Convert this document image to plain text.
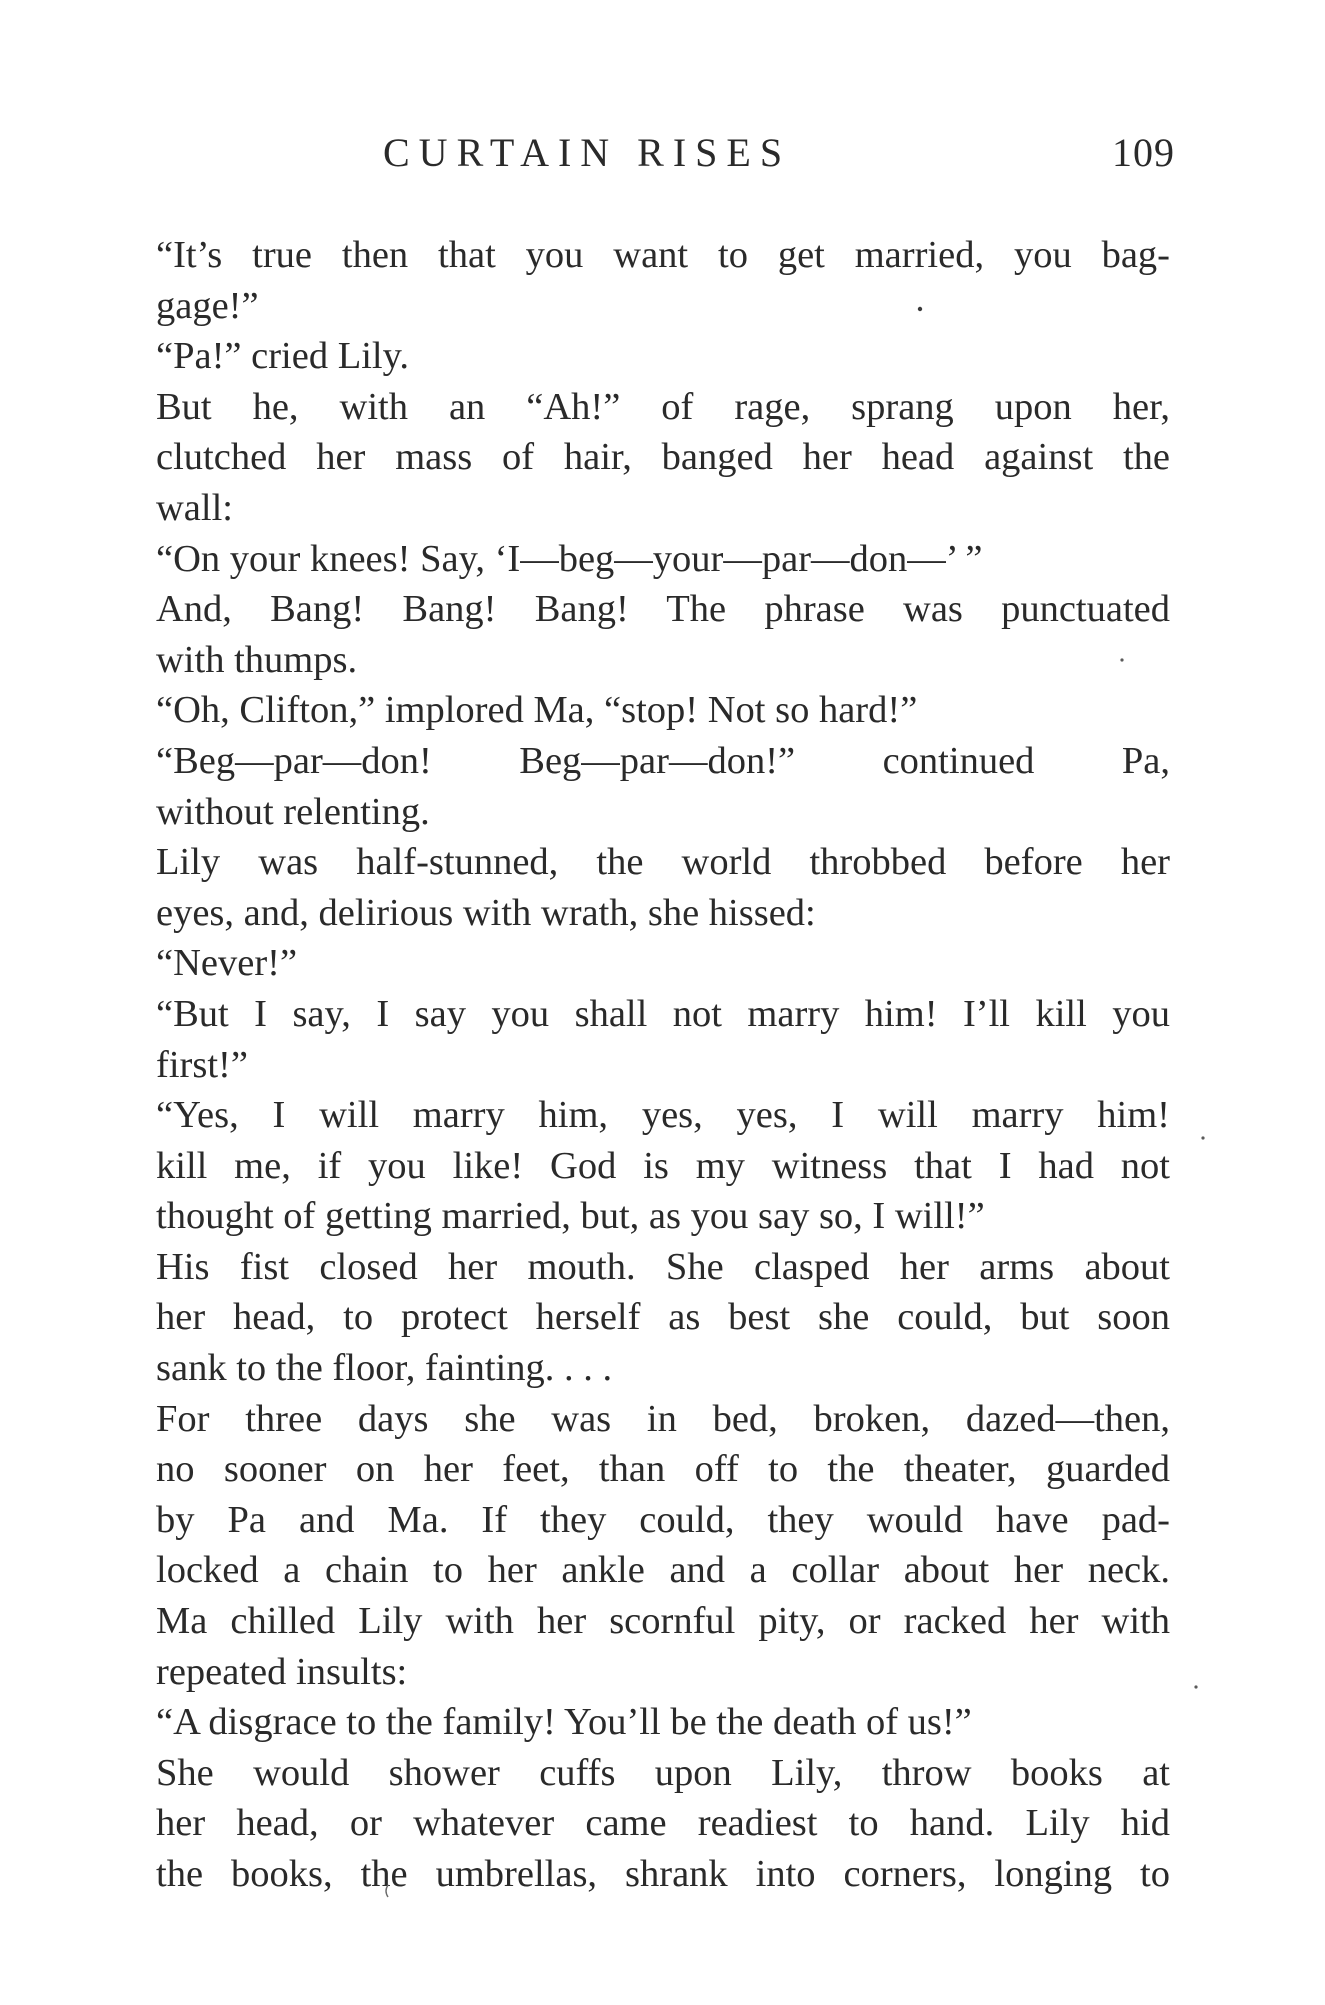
CURTAIN RISES	109

“It’s true then that you want to get married, you bag-
gage!”

“Pa!” cried Lily.

But he, with an “Ah!” of rage, sprang upon her,
clutched her mass of hair, banged her head against the
wall:

“On your knees! Say, ‘I—beg—your—par—don—’ ”

And, Bang! Bang! Bang! The phrase was punctuated
with thumps.

“Oh, Clifton,” implored Ma, “stop! Not so hard!”

“Beg—par—don! Beg—par—don!” continued Pa,
without relenting.

Lily was half-stunned, the world throbbed before her
eyes, and, delirious with wrath, she hissed:

“Never!”

“But I say, I say you shall not marry him! I’ll kill you
first!”

“Yes, I will marry him, yes, yes, I will marry him!
kill me, if you like! God is my witness that I had not
thought of getting married, but, as you say so, I will!”

His fist closed her mouth. She clasped her arms about
her head, to protect herself as best she could, but soon
sank to the floor, fainting. . . .

For three days she was in bed, broken, dazed—then,
no sooner on her feet, than off to the theater, guarded
by Pa and Ma. If they could, they would have pad-
locked a chain to her ankle and a collar about her neck.
Ma chilled Lily with her scornful pity, or racked her with
repeated insults:

“A disgrace to the family! You’ll be the death of us!”

She would shower cuffs upon Lily, throw books at
her head, or whatever came readiest to hand. Lily hid
the books, the umbrellas, shrank into corners, longing to
